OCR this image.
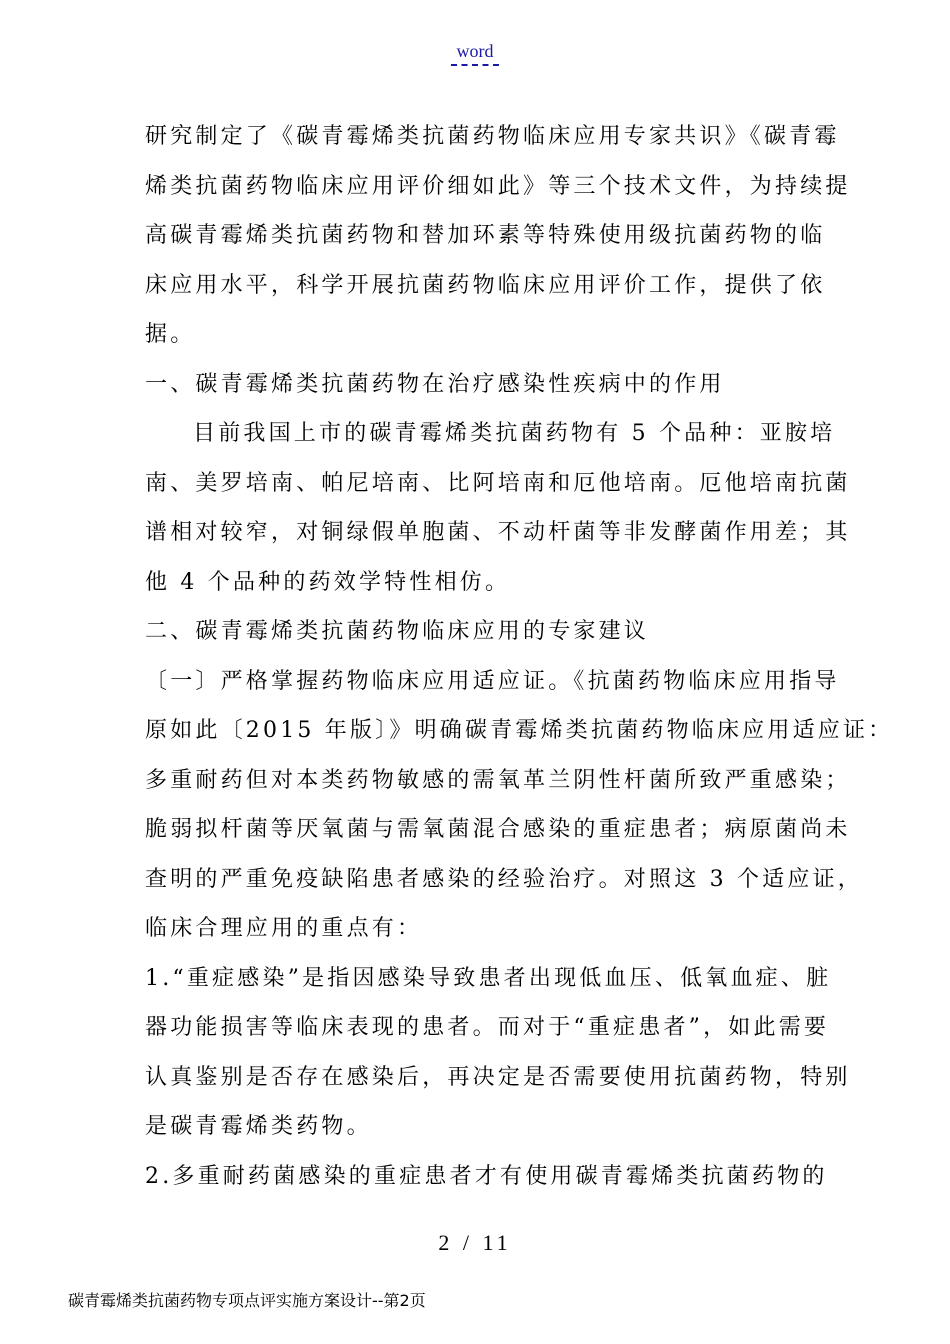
word

研究制定了《碳青霉烯类抗菌药物临床应用专家共识》《碳青霉
烯类抗菌药物临床应用评价细如此》等三个技术文件，为持续提
高碳青霉烯类抗菌药物和替加环素等特殊使用级抗菌药物的临
床应用水平，科学开展抗菌药物临床应用评价工作，提供了依
据。

一、碳青霉烯类抗菌药物在治疗感染性疾病中的作用

目前我国上市的碳青霉烯类抗菌药物有 5 个品种：亚胺培
南、美罗培南、帕尼培南、比阿培南和厄他培南。厄他培南抗菌
谱相对较窄，对铜绿假单胞菌、不动杆菌等非发酵菌作用差；其
他 4 个品种的药效学特性相仿。

二、碳青霉烯类抗菌药物临床应用的专家建议

〔一〕严格掌握药物临床应用适应证。《抗菌药物临床应用指导
原如此〔2015 年版〕》明确碳青霉烯类抗菌药物临床应用适应证：
多重耐药但对本类药物敏感的需氧革兰阴性杆菌所致严重感染；
脆弱拟杆菌等厌氧菌与需氧菌混合感染的重症患者；病原菌尚未
查明的严重免疫缺陷患者感染的经验治疗。对照这 3 个适应证，
临床合理应用的重点有：

1.“重症感染”是指因感染导致患者出现低血压、低氧血症、脏
器功能损害等临床表现的患者。而对于“重症患者”，如此需要
认真鉴别是否存在感染后，再决定是否需要使用抗菌药物，特别
是碳青霉烯类药物。

2.多重耐药菌感染的重症患者才有使用碳青霉烯类抗菌药物的

2 / 11
碳青霉烯类抗菌药物专项点评实施方案设计--第2页
